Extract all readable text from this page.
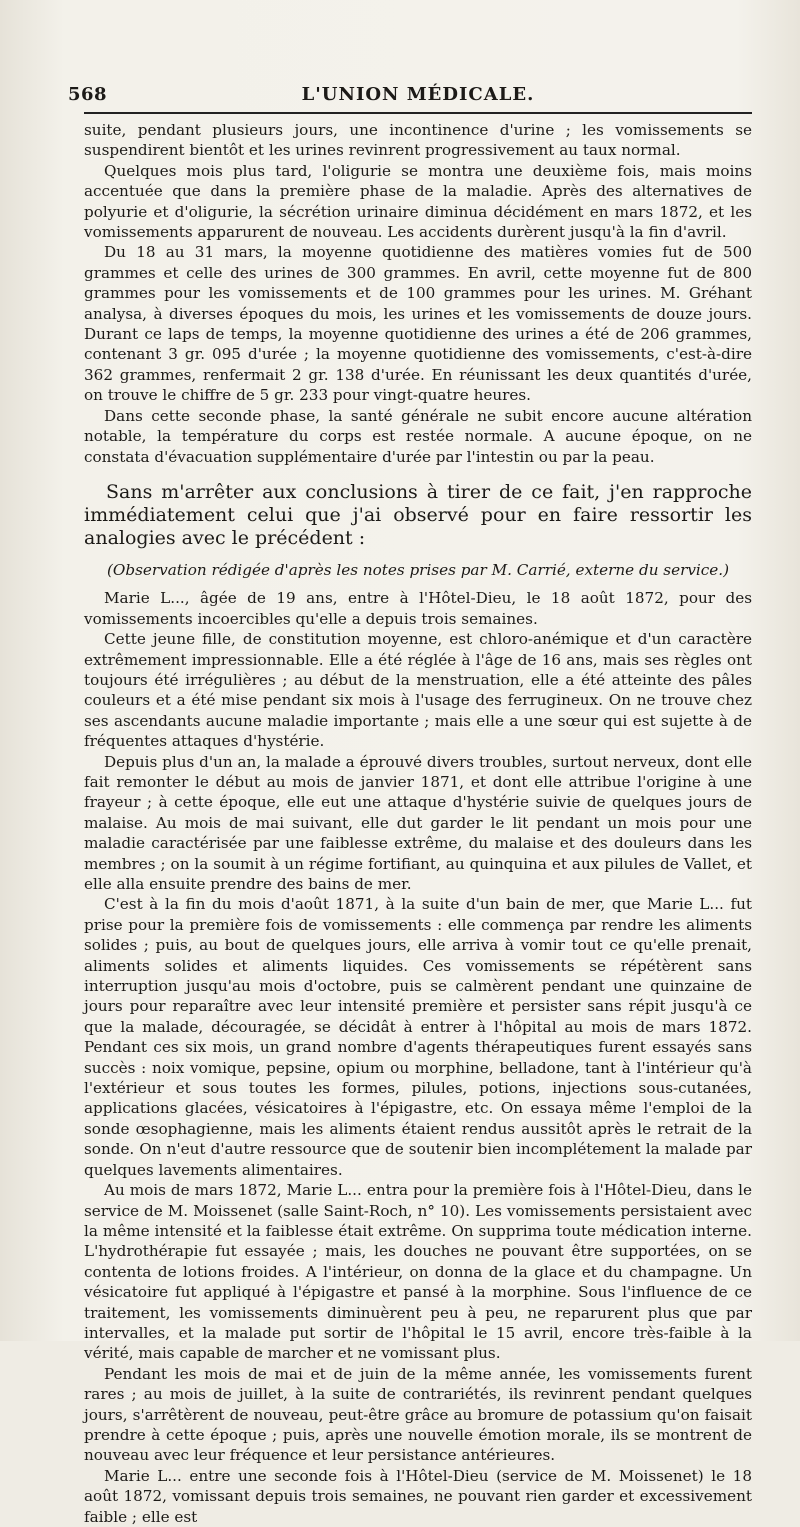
568	L'UNION MÉDICALE.

suite, pendant plusieurs jours, une incontinence d'urine ; les vomissements se suspendirent bientôt et les urines revinrent progressivement au taux normal.

Quelques mois plus tard, l'oligurie se montra une deuxième fois, mais moins accentuée que dans la première phase de la maladie. Après des alternatives de polyurie et d'oligurie, la sécrétion urinaire diminua décidément en mars 1872, et les vomissements apparurent de nouveau. Les accidents durèrent jusqu'à la fin d'avril.

Du 18 au 31 mars, la moyenne quotidienne des matières vomies fut de 500 grammes et celle des urines de 300 grammes. En avril, cette moyenne fut de 800 grammes pour les vomissements et de 100 grammes pour les urines. M. Gréhant analysa, à diverses époques du mois, les urines et les vomissements de douze jours. Durant ce laps de temps, la moyenne quotidienne des urines a été de 206 grammes, contenant 3 gr. 095 d'urée ; la moyenne quotidienne des vomissements, c'est-à-dire 362 grammes, renfermait 2 gr. 138 d'urée. En réunissant les deux quantités d'urée, on trouve le chiffre de 5 gr. 233 pour vingt-quatre heures.

Dans cette seconde phase, la santé générale ne subit encore aucune altération notable, la température du corps est restée normale. A aucune époque, on ne constata d'évacuation supplémentaire d'urée par l'intestin ou par la peau.

Sans m'arrêter aux conclusions à tirer de ce fait, j'en rapproche immédiatement celui que j'ai observé pour en faire ressortir les analogies avec le précédent :

(Observation rédigée d'après les notes prises par M. Carrié, externe du service.)

Marie L..., âgée de 19 ans, entre à l'Hôtel-Dieu, le 18 août 1872, pour des vomissements incoercibles qu'elle a depuis trois semaines.

Cette jeune fille, de constitution moyenne, est chloro-anémique et d'un caractère extrêmement impressionnable. Elle a été réglée à l'âge de 16 ans, mais ses règles ont toujours été irrégulières ; au début de la menstruation, elle a été atteinte des pâles couleurs et a été mise pendant six mois à l'usage des ferrugineux. On ne trouve chez ses ascendants aucune maladie importante ; mais elle a une sœur qui est sujette à de fréquentes attaques d'hystérie.

Depuis plus d'un an, la malade a éprouvé divers troubles, surtout nerveux, dont elle fait remonter le début au mois de janvier 1871, et dont elle attribue l'origine à une frayeur ; à cette époque, elle eut une attaque d'hystérie suivie de quelques jours de malaise. Au mois de mai suivant, elle dut garder le lit pendant un mois pour une maladie caractérisée par une faiblesse extrême, du malaise et des douleurs dans les membres ; on la soumit à un régime fortifiant, au quinquina et aux pilules de Vallet, et elle alla ensuite prendre des bains de mer.

C'est à la fin du mois d'août 1871, à la suite d'un bain de mer, que Marie L... fut prise pour la première fois de vomissements : elle commença par rendre les aliments solides ; puis, au bout de quelques jours, elle arriva à vomir tout ce qu'elle prenait, aliments solides et aliments liquides. Ces vomissements se répétèrent sans interruption jusqu'au mois d'octobre, puis se calmèrent pendant une quinzaine de jours pour reparaître avec leur intensité première et persister sans répit jusqu'à ce que la malade, découragée, se décidât à entrer à l'hôpital au mois de mars 1872. Pendant ces six mois, un grand nombre d'agents thérapeutiques furent essayés sans succès : noix vomique, pepsine, opium ou morphine, belladone, tant à l'intérieur qu'à l'extérieur et sous toutes les formes, pilules, potions, injections sous-cutanées, applications glacées, vésicatoires à l'épigastre, etc. On essaya même l'emploi de la sonde œsophagienne, mais les aliments étaient rendus aussitôt après le retrait de la sonde. On n'eut d'autre ressource que de soutenir bien incomplétement la malade par quelques lavements alimentaires.

Au mois de mars 1872, Marie L... entra pour la première fois à l'Hôtel-Dieu, dans le service de M. Moissenet (salle Saint-Roch, n° 10). Les vomissements persistaient avec la même intensité et la faiblesse était extrême. On supprima toute médication interne. L'hydrothérapie fut essayée ; mais, les douches ne pouvant être supportées, on se contenta de lotions froides. A l'intérieur, on donna de la glace et du champagne. Un vésicatoire fut appliqué à l'épigastre et pansé à la morphine. Sous l'influence de ce traitement, les vomissements diminuèrent peu à peu, ne reparurent plus que par intervalles, et la malade put sortir de l'hôpital le 15 avril, encore très-faible à la vérité, mais capable de marcher et ne vomissant plus.

Pendant les mois de mai et de juin de la même année, les vomissements furent rares ; au mois de juillet, à la suite de contrariétés, ils revinrent pendant quelques jours, s'arrêtèrent de nouveau, peut-être grâce au bromure de potassium qu'on faisait prendre à cette époque ; puis, après une nouvelle émotion morale, ils se montrent de nouveau avec leur fréquence et leur persistance antérieures.

Marie L... entre une seconde fois à l'Hôtel-Dieu (service de M. Moissenet) le 18 août 1872, vomissant depuis trois semaines, ne pouvant rien garder et excessivement faible ; elle est
